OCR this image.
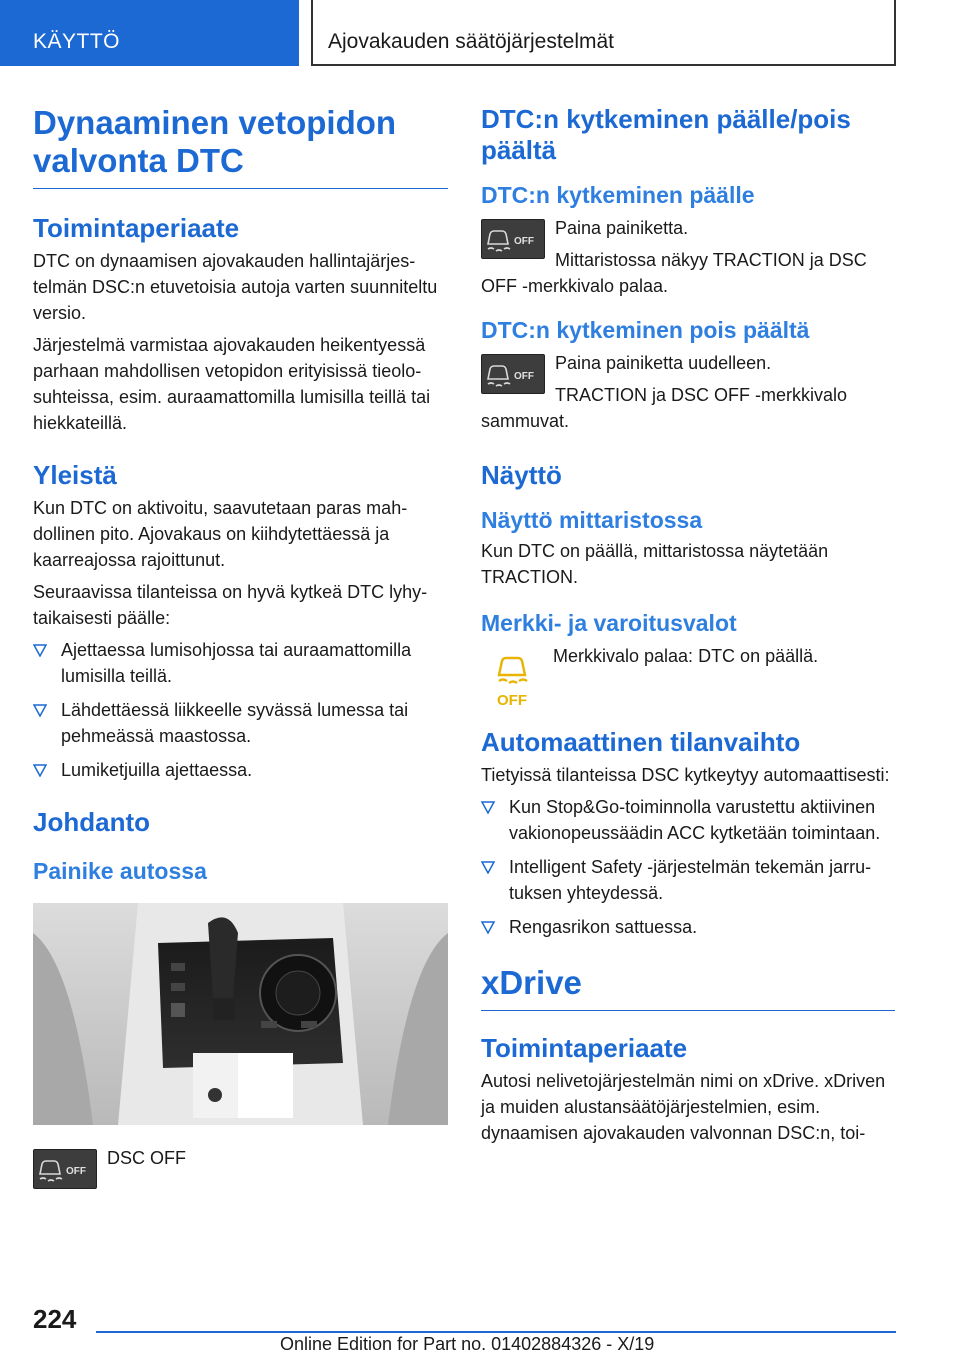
KÄYTTÖ	Ajovakauden säätöjärjestelmät
Dynaaminen vetopidon valvonta DTC
Toimintaperiaate

DTC on dynaamisen ajovakauden hallintajärjestelmän DSC:n etuvetoisia autoja varten suunniteltu versio.

Järjestelmä varmistaa ajovakauden heikentyessä parhaan mahdollisen vetopidon erityisissä tieolosuhteissa, esim. auraamattomilla lumisilla teillä tai hiekkateillä.

Yleistä

Kun DTC on aktivoitu, saavutetaan paras mahdollinen pito. Ajovakaus on kiihdytettäessä ja kaarreajossa rajoittunut.

Seuraavissa tilanteissa on hyvä kytkeä DTC lyhytaikaisesti päälle:

Ajettaessa lumisohjossa tai auraamattomilla lumisilla teillä.
Lähdettäessä liikkeelle syvässä lumessa tai pehmeässä maastossa.
Lumiketjuilla ajettaessa.
Johdanto
Painike autossa
OFF

DSC OFF

DTC:n kytkeminen päälle/pois päältä
DTC:n kytkeminen päälle
OFF

Paina painiketta.

Mittaristossa näkyy TRACTION ja DSC OFF -merkkivalo palaa.

DTC:n kytkeminen pois päältä
OFF

Paina painiketta uudelleen.

TRACTION ja DSC OFF -merkkivalo sammuvat.

Näyttö
Näyttö mittaristossa

Kun DTC on päällä, mittaristossa näytetään TRACTION.

Merkki- ja varoitusvalot
OFF

Merkkivalo palaa: DTC on päällä.

Automaattinen tilanvaihto

Tietyissä tilanteissa DSC kytkeytyy automaattisesti:

Kun Stop&Go-toiminnolla varustettu aktiivinen vakionopeussäädin ACC kytketään toimintaan.
Intelligent Safety -järjestelmän tekemän jarrutuksen yhteydessä.
Rengasrikon sattuessa.
xDrive
Toimintaperiaate

Autosi nelivetojärjestelmän nimi on xDrive. xDriven ja muiden alustansäätöjärjestelmien, esim. dynaamisen ajovakauden valvonnan DSC:n, toi-

224
Online Edition for Part no. 01402884326 - X/19
